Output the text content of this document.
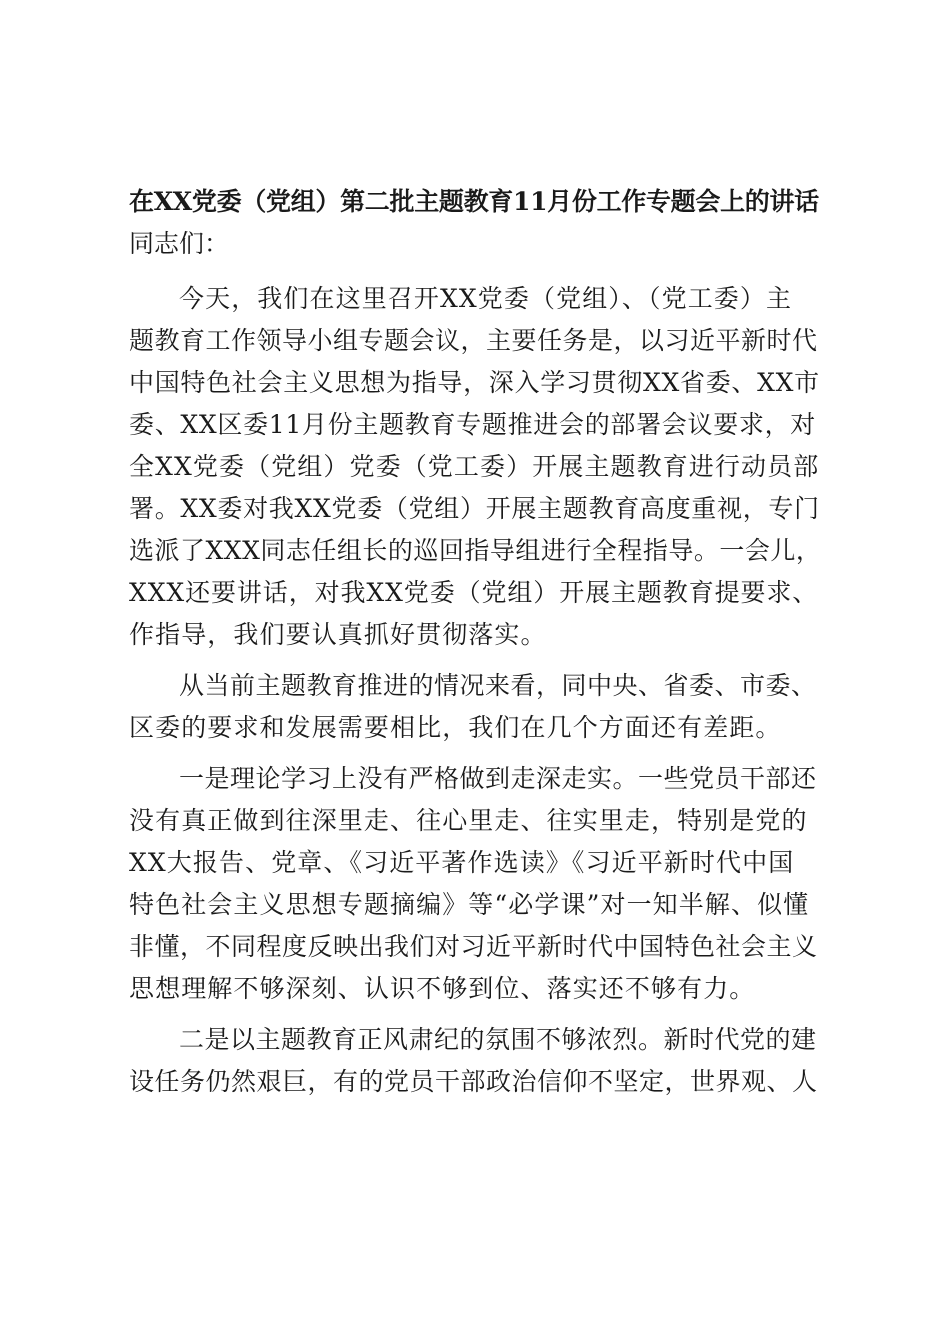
在XX党委（党组）第二批主题教育11月份工作专题会上的讲话

同志们：

今天，我们在这里召开XX党委（党组）、（党工委）主
题教育工作领导小组专题会议，主要任务是，以习近平新时代
中国特色社会主义思想为指导，深入学习贯彻XX省委、XX市
委、XX区委11月份主题教育专题推进会的部署会议要求，对
全XX党委（党组）党委（党工委）开展主题教育进行动员部
署。XX委对我XX党委（党组）开展主题教育高度重视，专门
选派了XXX同志任组长的巡回指导组进行全程指导。一会儿，
XXX还要讲话，对我XX党委（党组）开展主题教育提要求、
作指导，我们要认真抓好贯彻落实。

从当前主题教育推进的情况来看，同中央、省委、市委、
区委的要求和发展需要相比，我们在几个方面还有差距。

一是理论学习上没有严格做到走深走实。一些党员干部还
没有真正做到往深里走、往心里走、往实里走，特别是党的
XX大报告、党章、《习近平著作选读》《习近平新时代中国
特色社会主义思想专题摘编》等“必学课”对一知半解、似懂
非懂，不同程度反映出我们对习近平新时代中国特色社会主义
思想理解不够深刻、认识不够到位、落实还不够有力。

二是以主题教育正风肃纪的氛围不够浓烈。新时代党的建
设任务仍然艰巨，有的党员干部政治信仰不坚定，世界观、人
